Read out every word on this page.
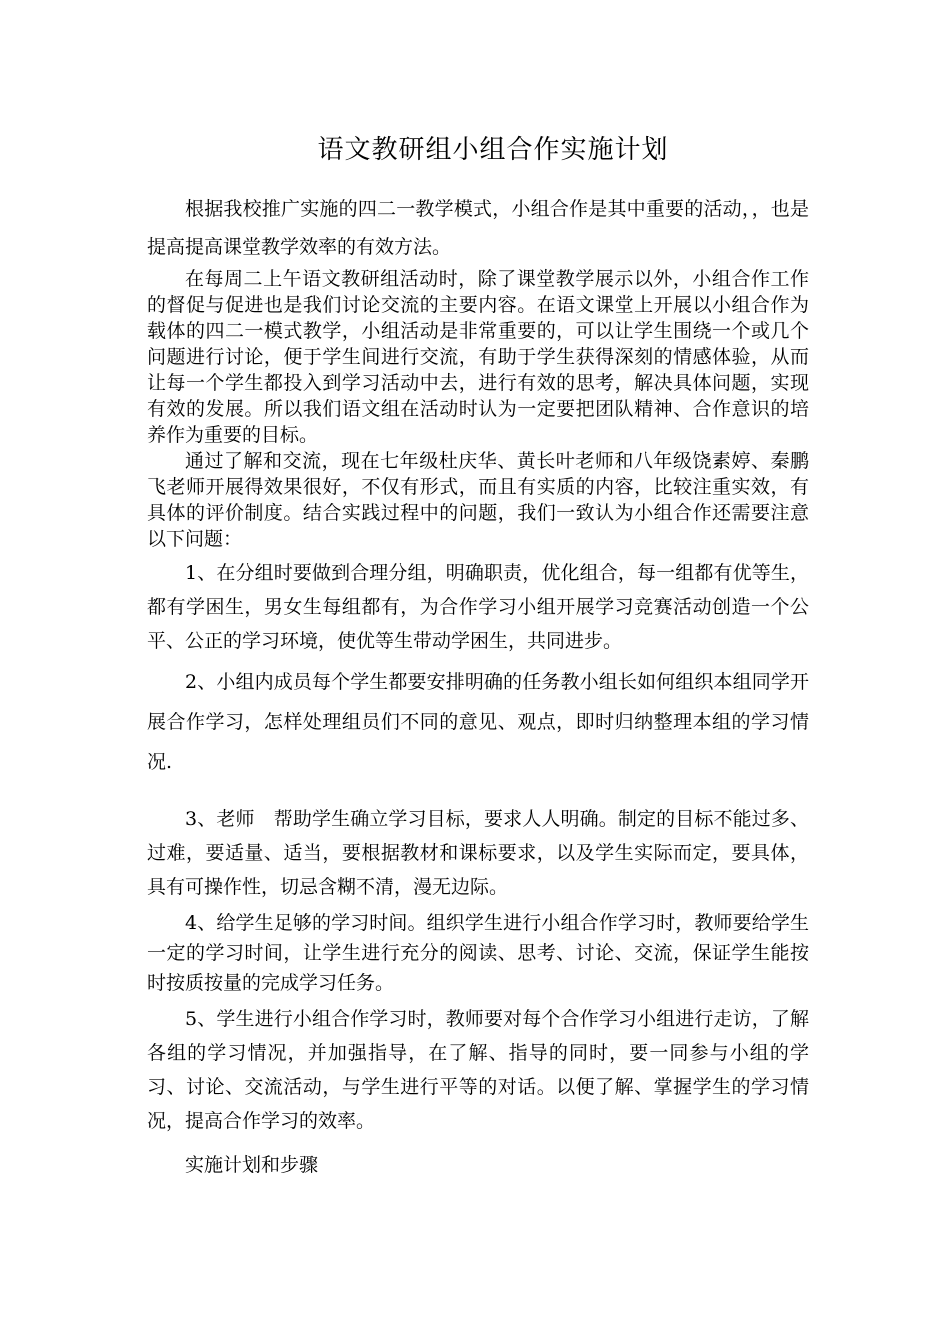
语文教研组小组合作实施计划

根据我校推广实施的四二一教学模式，小组合作是其中重要的活动，，也是提高提高课堂教学效率的有效方法。

在每周二上午语文教研组活动时，除了课堂教学展示以外，小组合作工作的督促与促进也是我们讨论交流的主要内容。在语文课堂上开展以小组合作为载体的四二一模式教学，小组活动是非常重要的，可以让学生围绕一个或几个问题进行讨论，便于学生间进行交流，有助于学生获得深刻的情感体验，从而让每一个学生都投入到学习活动中去，进行有效的思考，解决具体问题，实现有效的发展。所以我们语文组在活动时认为一定要把团队精神、合作意识的培养作为重要的目标。

通过了解和交流，现在七年级杜庆华、黄长叶老师和八年级饶素婷、秦鹏飞老师开展得效果很好，不仅有形式，而且有实质的内容，比较注重实效，有具体的评价制度。结合实践过程中的问题，我们一致认为小组合作还需要注意以下问题：

1、在分组时要做到合理分组，明确职责，优化组合，每一组都有优等生，都有学困生，男女生每组都有，为合作学习小组开展学习竞赛活动创造一个公平、公正的学习环境，使优等生带动学困生，共同进步。

2、小组内成员每个学生都要安排明确的任务教小组长如何组织本组同学开展合作学习，怎样处理组员们不同的意见、观点，即时归纳整理本组的学习情况.

3、老师　帮助学生确立学习目标，要求人人明确。制定的目标不能过多、过难，要适量、适当，要根据教材和课标要求，以及学生实际而定，要具体，具有可操作性，切忌含糊不清，漫无边际。

4、给学生足够的学习时间。组织学生进行小组合作学习时，教师要给学生一定的学习时间，让学生进行充分的阅读、思考、讨论、交流，保证学生能按时按质按量的完成学习任务。

5、学生进行小组合作学习时，教师要对每个合作学习小组进行走访，了解各组的学习情况，并加强指导，在了解、指导的同时，要一同参与小组的学习、讨论、交流活动，与学生进行平等的对话。以便了解、掌握学生的学习情况，提高合作学习的效率。

实施计划和步骤
